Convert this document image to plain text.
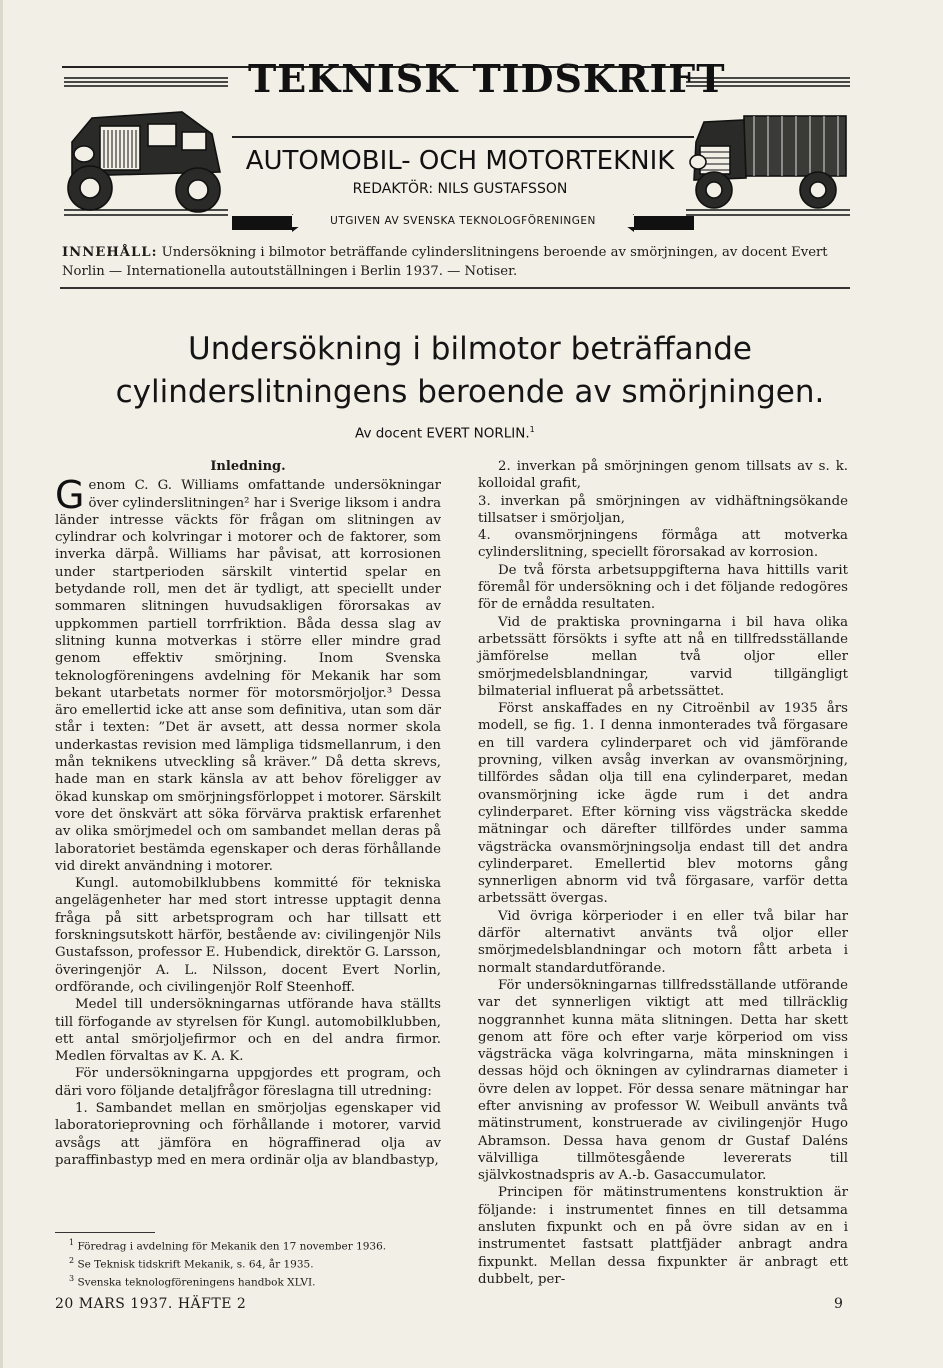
TEKNISK TIDSKRIFT
AUTOMOBIL- OCH MOTORTEKNIK
REDAKTÖR: NILS GUSTAFSSON
UTGIVEN AV SVENSKA TEKNOLOGFÖRENINGEN
INNEHÅLL: Undersökning i bilmotor beträffande cylinderslitningens beroende av smörjningen, av docent Evert Norlin — Internationella autoutställningen i Berlin 1937. — Notiser.
Undersökning i bilmotor beträffande cylinderslitningens beroende av smörjningen.
Av docent EVERT NORLIN.$^1$
Inledning.

Genom C. G. Williams omfattande undersökningar över cylinderslitningen² har i Sverige liksom i andra länder intresse väckts för frågan om slitningen av cylindrar och kolvringar i motorer och de faktorer, som inverka därpå. Williams har påvisat, att korrosionen under startperioden särskilt vintertid spelar en betydande roll, men det är tydligt, att speciellt under sommaren slitningen huvudsakligen förorsakas av uppkommen partiell torrfriktion. Båda dessa slag av slitning kunna motverkas i större eller mindre grad genom effektiv smörjning. Inom Svenska teknologföreningens avdelning för Mekanik har som bekant utarbetats normer för motorsmörjoljor.³ Dessa äro emellertid icke att anse som definitiva, utan som där står i texten: ”Det är avsett, att dessa normer skola underkastas revision med lämpliga tidsmellanrum, i den mån teknikens utveckling så kräver.” Då detta skrevs, hade man en stark känsla av att behov föreligger av ökad kunskap om smörjningsförloppet i motorer. Särskilt vore det önskvärt att söka förvärva praktisk erfarenhet av olika smörjmedel och om sambandet mellan deras på laboratoriet bestämda egenskaper och deras förhållande vid direkt användning i motorer.

Kungl. automobilklubbens kommitté för tekniska angelägenheter har med stort intresse upptagit denna fråga på sitt arbetsprogram och har tillsatt ett forskningsutskott härför, bestående av: civilingenjör Nils Gustafsson, professor E. Hubendick, direktör G. Larsson, överingenjör A. L. Nilsson, docent Evert Norlin, ordförande, och civilingenjör Rolf Steenhoff.

Medel till undersökningarnas utförande hava ställts till förfogande av styrelsen för Kungl. automobilklubben, ett antal smörjoljefirmor och en del andra firmor. Medlen förvaltas av K. A. K.

För undersökningarna uppgjordes ett program, och däri voro följande detaljfrågor föreslagna till utredning:

1. Sambandet mellan en smörjoljas egenskaper vid laboratorieprovning och förhållande i motorer, varvid avsågs att jämföra en högraffinerad olja av paraffinbastyp med en mera ordinär olja av blandbastyp,

$^1$ Föredrag i avdelning för Mekanik den 17 november 1936.
$^2$ Se Teknisk tidskrift Mekanik, s. 64, år 1935.
$^3$ Svenska teknologföreningens handbok XLVI.

2. inverkan på smörjningen genom tillsats av s. k. kolloidal grafit,

3. inverkan på smörjningen av vidhäftningsökande tillsatser i smörjoljan,

4. ovansmörjningens förmåga att motverka cylinderslitning, speciellt förorsakad av korrosion.

De två första arbetsuppgifterna hava hittills varit föremål för undersökning och i det följande redogöres för de ernådda resultaten.

Vid de praktiska provningarna i bil hava olika arbetssätt försökts i syfte att nå en tillfredsställande jämförelse mellan två oljor eller smörjmedelsblandningar, varvid tillgängligt bilmaterial influerat på arbetssättet.

Först anskaffades en ny Citroënbil av 1935 års modell, se fig. 1. I denna inmonterades två förgasare en till vardera cylinderparet och vid jämförande provning, vilken avsåg inverkan av ovansmörjning, tillfördes sådan olja till ena cylinderparet, medan ovansmörjning icke ägde rum i det andra cylinderparet. Efter körning viss vägsträcka skedde mätningar och därefter tillfördes under samma vägsträcka ovansmörjningsolja endast till det andra cylinderparet. Emellertid blev motorns gång synnerligen abnorm vid två förgasare, varför detta arbetssätt övergas.

Vid övriga körperioder i en eller två bilar har därför alternativt använts två oljor eller smörjmedelsblandningar och motorn fått arbeta i normalt standardutförande.

För undersökningarnas tillfredsställande utförande var det synnerligen viktigt att med tillräcklig noggrannhet kunna mäta slitningen. Detta har skett genom att före och efter varje körperiod om viss vägsträcka väga kolvringarna, mäta minskningen i dessas höjd och ökningen av cylindrarnas diameter i övre delen av loppet. För dessa senare mätningar har efter anvisning av professor W. Weibull använts två mätinstrument, konstruerade av civilingenjör Hugo Abramson. Dessa hava genom dr Gustaf Daléns välvilliga tillmötesgående levererats till självkostnadspris av A.-b. Gasaccumulator.

Principen för mätinstrumentens konstruktion är följande: i instrumentet finnes en till detsamma ansluten fixpunkt och en på övre sidan av en i instrumentet fastsatt plattfjäder anbragt andra fixpunkt. Mellan dessa fixpunkter är anbragt ett dubbelt, per-

20 MARS 1937. HÄFTE 2	9
